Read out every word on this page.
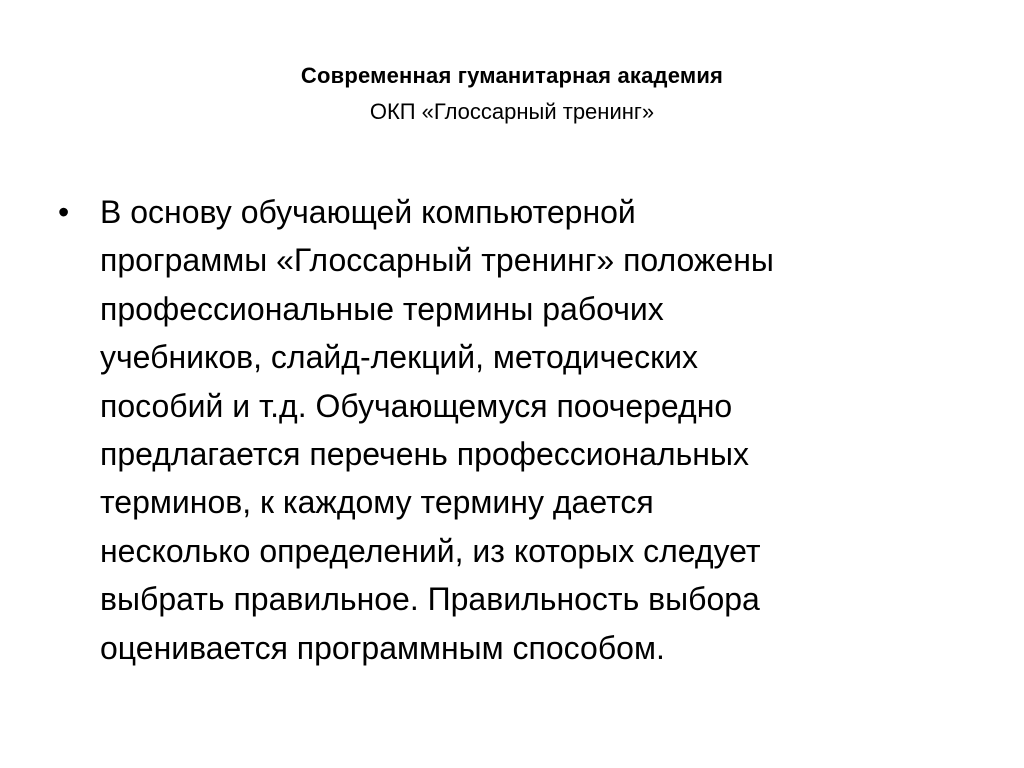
Современная гуманитарная академия
ОКП «Глоссарный тренинг»
• В основу обучающей компьютерной
программы «Глоссарный тренинг» положены
профессиональные термины рабочих
учебников, слайд-лекций, методических
пособий и т.д. Обучающемуся поочередно
предлагается перечень профессиональных
терминов, к каждому термину дается
несколько определений, из которых следует
выбрать правильное. Правильность выбора
оценивается программным способом.
